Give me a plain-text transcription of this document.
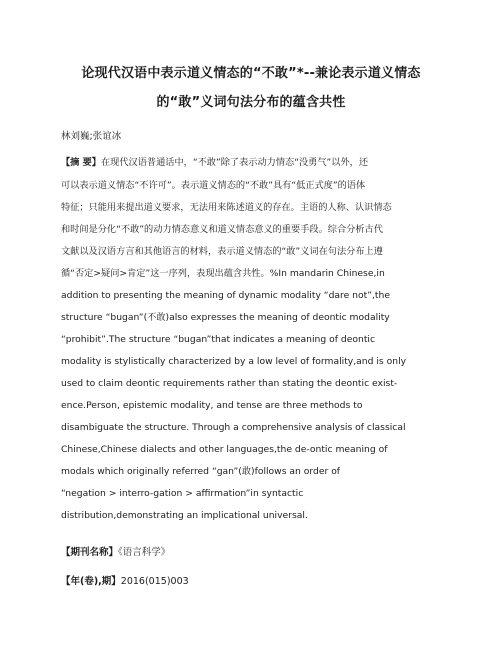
论现代汉语中表示道义情态的“不敢”*--兼论表示道义情态
的“敢”义词句法分布的蕴含共性
林刘巍;张谊冰
【摘 要】在现代汉语普通话中，“不敢”除了表示动力情态“没勇气”以外，还
可以表示道义情态“不许可”。表示道义情态的“不敢”具有“低正式度”的语体
特征；只能用来提出道义要求，无法用来陈述道义的存在。主语的人称、认识情态
和时间是分化“不敢”的动力情态意义和道义情态意义的重要手段。综合分析古代
文献以及汉语方言和其他语言的材料，表示道义情态的“敢”义词在句法分布上遵
循“否定>疑问>肯定”这一序列，表现出蕴含共性。%In mandarin Chinese,in
addition to presenting the meaning of dynamic modality “dare not”,the
structure “bugan”(不敢)also expresses the meaning of deontic modality
“prohibit”.The structure “bugan”that indicates a meaning of deontic
modality is stylistically characterized by a low level of formality,and is only
used to claim deontic requirements rather than stating the deontic exist-
ence.Person, epistemic modality, and tense are three methods to
disambiguate the structure. Through a comprehensive analysis of classical
Chinese,Chinese dialects and other languages,the de-ontic meaning of
modals which originally referred “gan”(敢)follows an order of
“negation > interro-gation > affirmation”in syntactic
distribution,demonstrating an implicational universal.
【期刊名称】《语言科学》
【年(卷),期】2016(015)003
